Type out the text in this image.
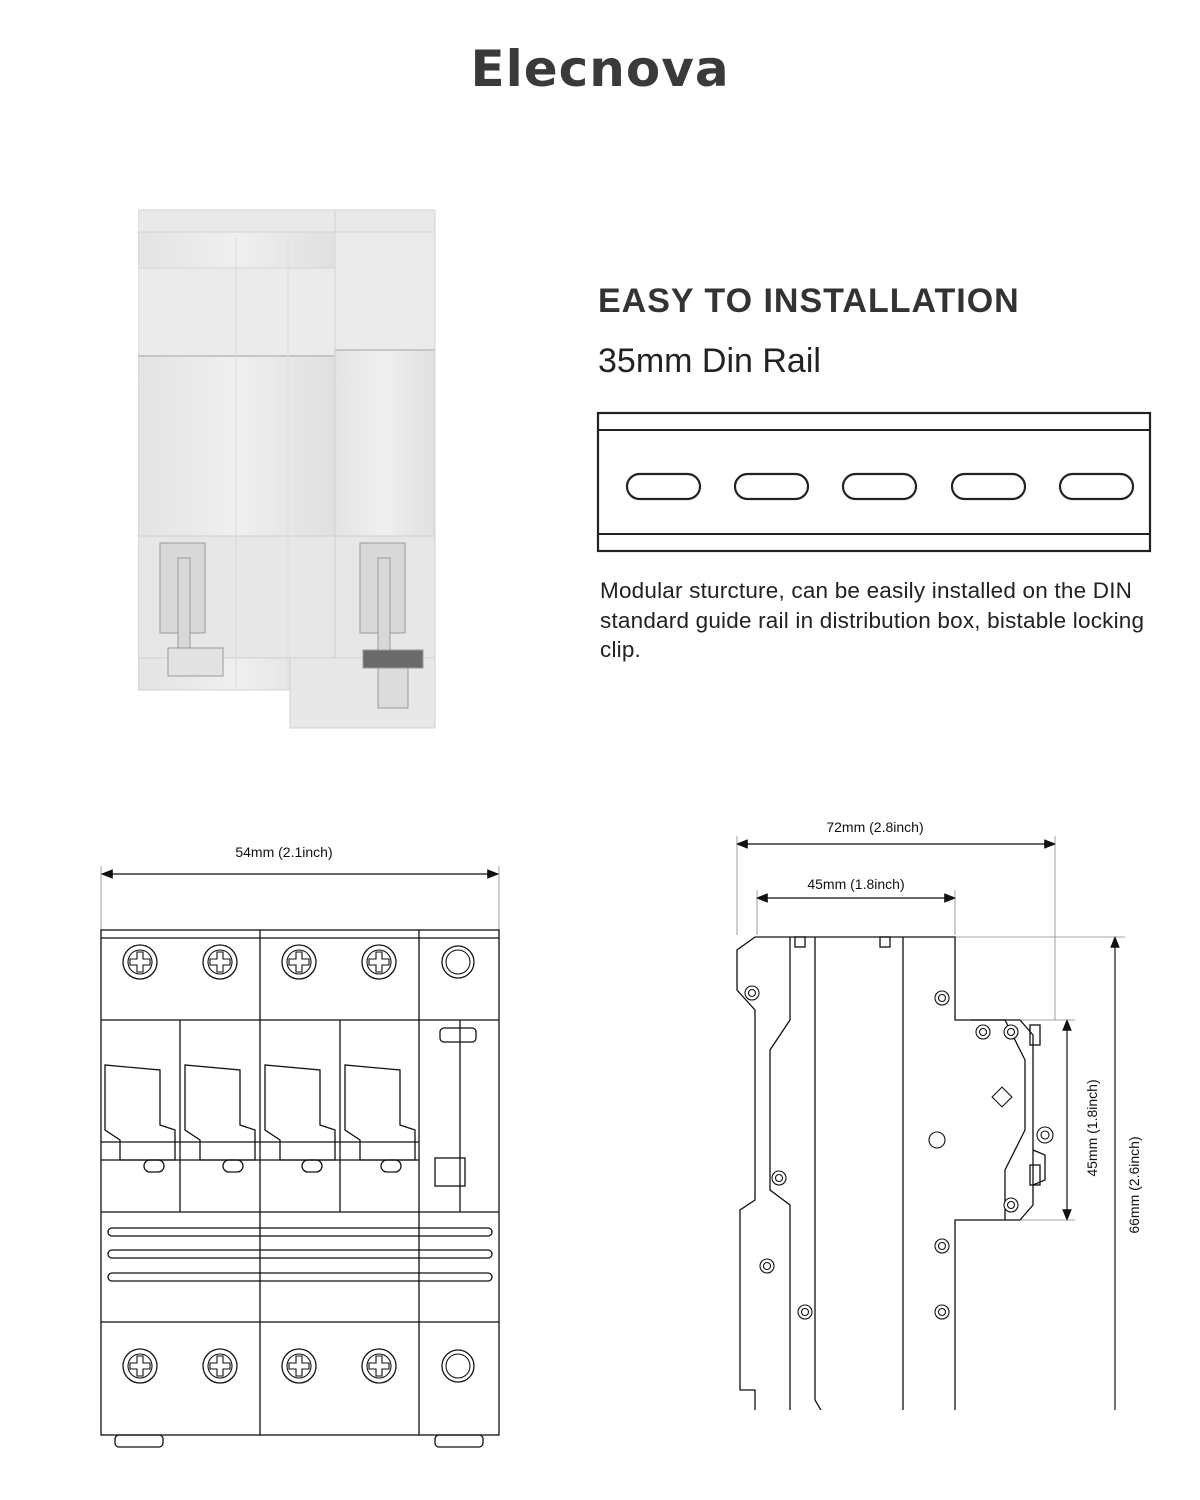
Elecnova
EASY TO INSTALLATION
35mm Din Rail
Modular sturcture, can be easily installed on the DIN standard guide rail in distribution box, bistable locking clip.
54mm (2.1inch)
72mm (2.8inch)
45mm (1.8inch)
45mm (1.8inch)
66mm (2.6inch)
